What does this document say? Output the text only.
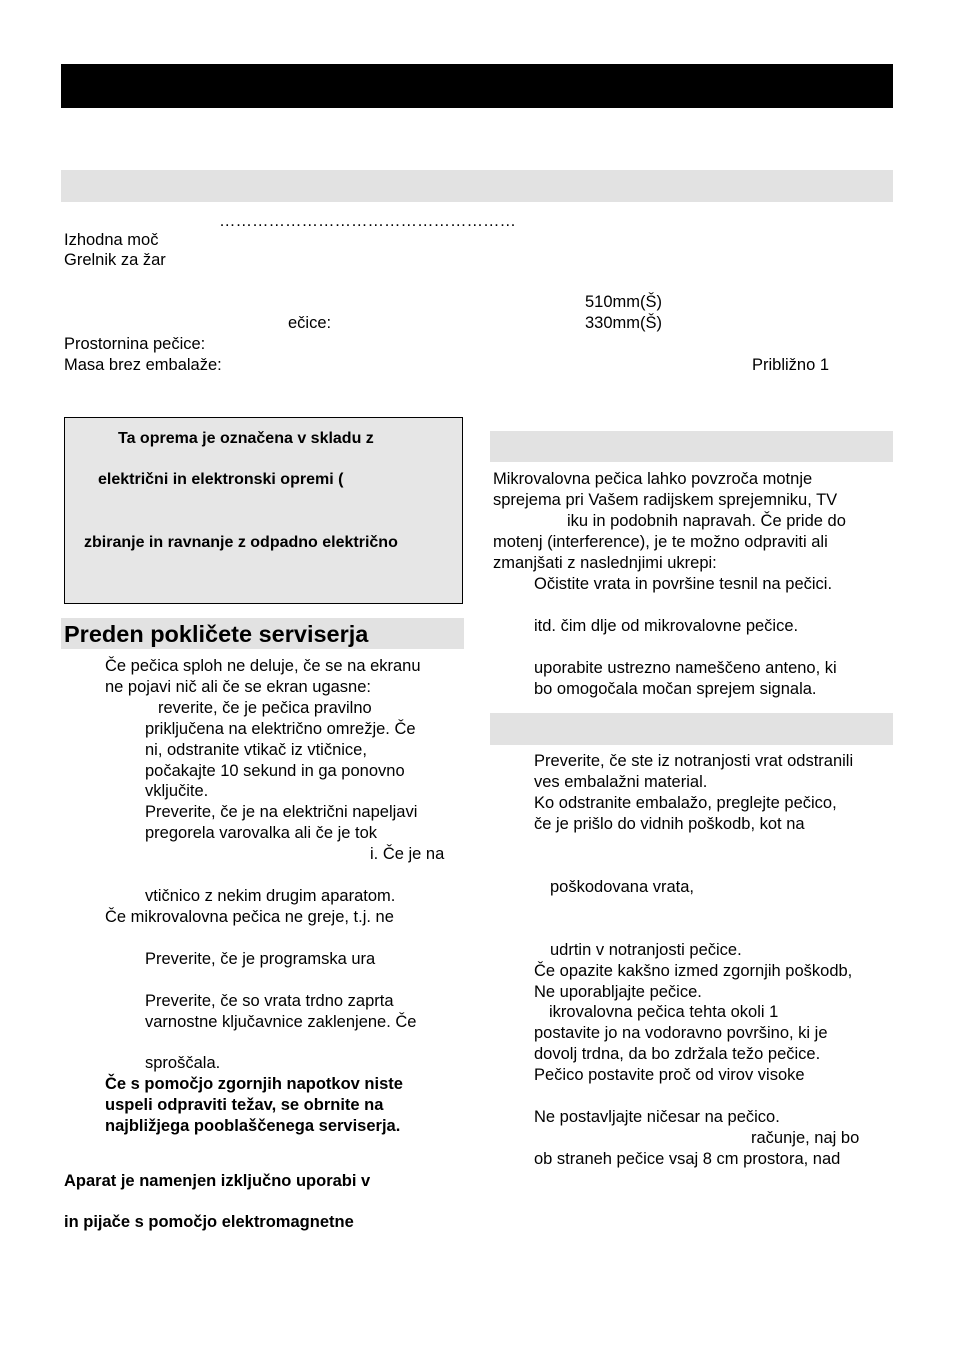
………………………………………………
Izhodna moč
Grelnik za žar
510mm(Š)
ečice:	330mm(Š)
Prostornina pečice:
Masa brez embalaže:	Približno 1
Ta oprema je označena v skladu z
električni in elektronski opremi (
zbiranje in ravnanje z odpadno električno
Preden pokličete serviserja
Če pečica sploh ne deluje, če se na ekranu
ne pojavi nič ali če se ekran ugasne:
reverite, če je pečica pravilno
priključena na električno omrežje. Če
ni, odstranite vtikač iz vtičnice,
počakajte 10 sekund in ga ponovno
vključite.
Preverite, če je na električni napeljavi
pregorela varovalka ali če je tok
i. Če je na
vtičnico z nekim drugim aparatom.
Če mikrovalovna pečica ne greje, t.j. ne
Preverite, če je programska ura
Preverite, če so vrata trdno zaprta
varnostne ključavnice zaklenjene. Če
sproščala.
Če s pomočjo zgornjih napotkov niste
uspeli odpraviti težav, se obrnite na
najbližjega pooblaščenega serviserja.
Aparat je namenjen izključno uporabi v
in pijače s pomočjo elektromagnetne
Mikrovalovna pečica lahko povzroča motnje
sprejema pri Vašem radijskem sprejemniku, TV
iku in podobnih napravah. Če pride do
motenj (interference), je te možno odpraviti ali
zmanjšati z naslednjimi ukrepi:
Očistite vrata in površine tesnil na pečici.
itd. čim dlje od mikrovalovne pečice.
uporabite ustrezno nameščeno anteno, ki
bo omogočala močan sprejem signala.
Preverite, če ste iz notranjosti vrat odstranili
ves embalažni material.
Ko odstranite embalažo, preglejte pečico,
če je prišlo do vidnih poškodb, kot na
poškodovana vrata,
udrtin v notranjosti pečice.
Če opazite kakšno izmed zgornjih poškodb,
Ne uporabljajte pečice.
ikrovalovna pečica tehta okoli 1
postavite jo na vodoravno površino, ki je
dovolj trdna, da bo zdržala težo pečice.
Pečico postavite proč od virov visoke
Ne postavljajte ničesar na pečico.
računje, naj bo
ob straneh pečice vsaj 8 cm prostora, nad
